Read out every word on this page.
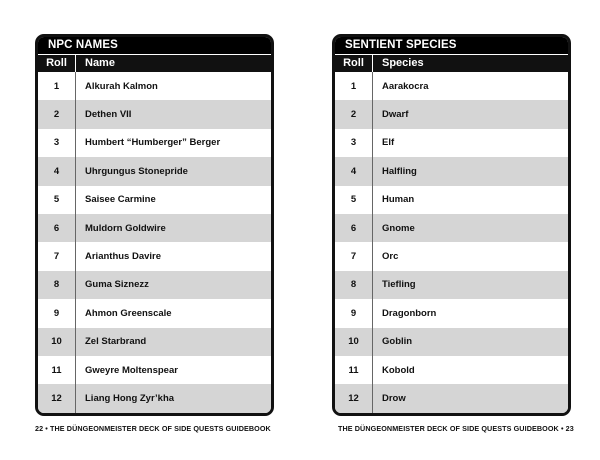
NPC NAMES
Roll	Name
1	Alkurah Kalmon
2	Dethen VII
3	Humbert “Humberger” Berger
4	Uhrgungus Stonepride
5	Saisee Carmine
6	Muldorn Goldwire
7	Arianthus Davire
8	Guma Siznezz
9	Ahmon Greenscale
10	Zel Starbrand
11	Gweyre Moltenspear
12	Liang Hong Zyr’kha
SENTIENT SPECIES
Roll	Species
1	Aarakocra
2	Dwarf
3	Elf
4	Halfling
5	Human
6	Gnome
7	Orc
8	Tiefling
9	Dragonborn
10	Goblin
11	Kobold
12	Drow
22 • THE DÜNGEONMEISTER DECK OF SIDE QUESTS GUIDEBOOK	THE DÜNGEONMEISTER DECK OF SIDE QUESTS GUIDEBOOK • 23
